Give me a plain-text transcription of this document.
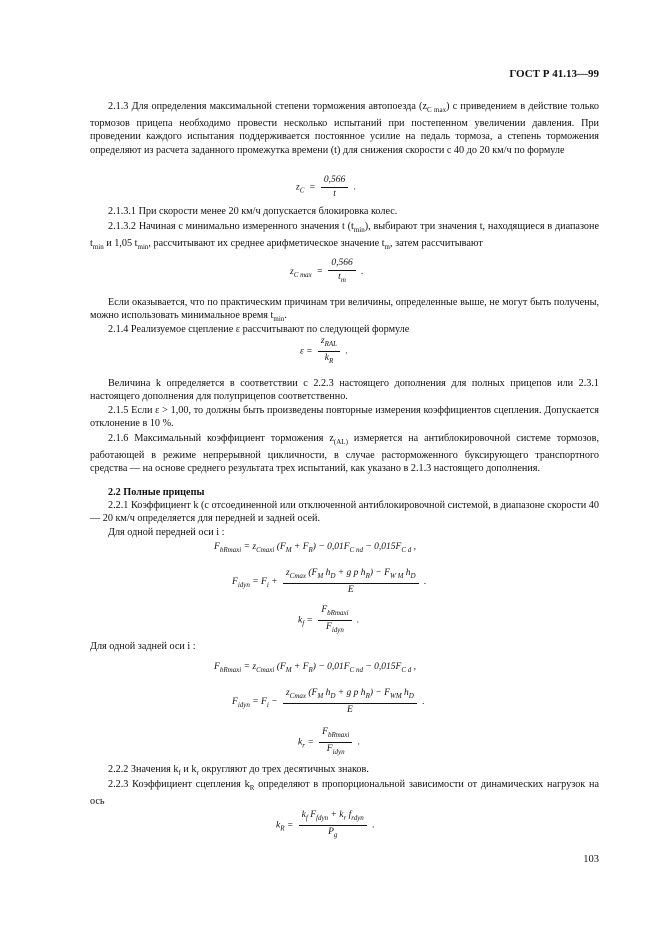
ГОСТ Р 41.13—99
2.1.3 Для определения максимальной степени торможения автопоезда $(z_{C max})$ с приведением в действие только тормозов прицепа необходимо провести несколько испытаний при постепенном увеличении давления. При проведении каждого испытания поддерживается постоянное усилие на педаль тормоза, а степень торможения определяют из расчета заданного промежутка времени (t) для снижения скорости с 40 до 20 км/ч по формуле
$z_C = \frac{0,566}{t}$ .
2.1.3.1 При скорости менее 20 км/ч допускается блокировка колес.
2.1.3.2 Начиная с минимально измеренного значения t $(t_{min})$, выбирают три значения t, находящиеся в диапазоне $t_{min}$ и 1,05 $t_{min}$, рассчитывают их среднее арифметическое значение $t_m$, затем рассчитывают
$z_{C max} = \frac{0,566}{t_m}$ .
Если оказывается, что по практическим причинам три величины, определенные выше, не могут быть получены, можно использовать минимальное время $t_{min}$.
2.1.4 Реализуемое сцепление ε рассчитывают по следующей формуле
$\varepsilon = \frac{z_{RAL}}{k_R}$ .
Величина k определяется в соответствии с 2.2.3 настоящего дополнения для полных прицепов или 2.3.1 настоящего дополнения для полуприцепов соответственно.
2.1.5 Если ε > 1,00, то должны быть произведены повторные измерения коэффициентов сцепления. Допускается отклонение в 10 %.
2.1.6 Максимальный коэффициент торможения $z_{(AL)}$ измеряется на антиблокировочной системе тормозов, работающей в режиме непрерывной цикличности, в случае расторможенного буксирующего транспортного средства — на основе среднего результата трех испытаний, как указано в 2.1.3 настоящего дополнения.
2.2 Полные прицепы
2.2.1 Коэффициент k (с отсоединенной или отключенной антиблокировочной системой, в диапазоне скорости 40 — 20 км/ч определяется для передней и задней осей.
Для одной передней оси i :
$F_{bRmaxi} = z_{Cmaxi}$ $(F_M + F_R) - 0,01F_{C nd} - 0,015F_{C d}$ ,
$F_{idyn} = F_i + \frac{z_{Cmax} (F_M h_D + g p h_R) - F_{W M} h_D}{E}$ .
$k_f = \frac{F_{bRmaxi}}{F_{idyn}}$ .
Для одной задней оси i :
$F_{bRmaxi} = z_{Cmaxi}$ $(F_M + F_R) - 0,01F_{C nd} - 0,015F_{C d}$ ,
$F_{idyn} = F_i - \frac{z_{Cmax} (F_M h_D + g p h_R) - F_{WM} h_D}{E}$ .
$k_r = \frac{F_{bRmaxi}}{F_{idyn}}$ .
2.2.2 Значения $k_f$ и $k_r$ округляют до трех десятичных знаков.
2.2.3 Коэффициент сцепления $k_R$ определяют в пропорциональной зависимости от динамических нагрузок на ось
$k_R = \frac{k_f F_{fdyn} + k_r f_{rdyn}}{P_g}$ .
103
